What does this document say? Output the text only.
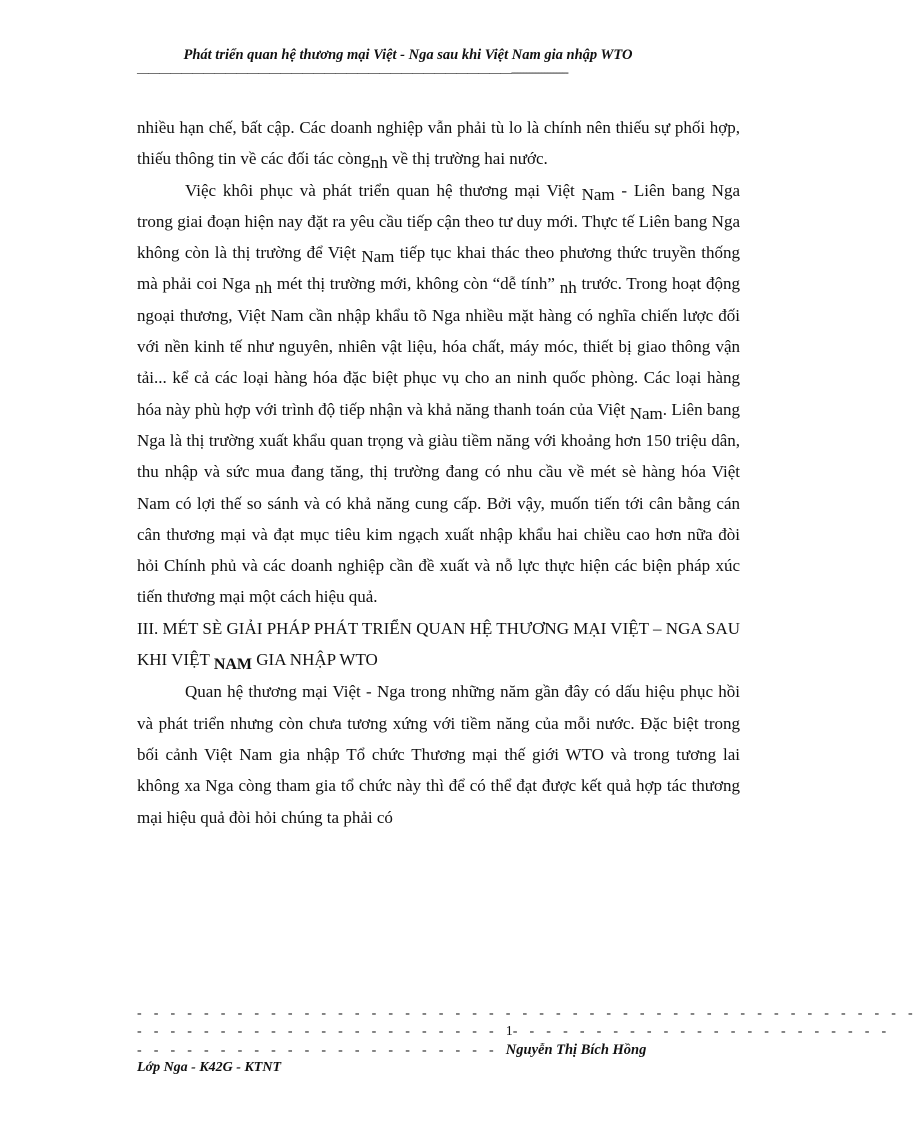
Phát triển quan hệ thương mại Việt - Nga sau khi Việt Nam gia nhập WTO
——————————————————————————————————-------------------

nhiều hạn chế, bất cập. Các doanh nghiệp vẫn phải tù lo là chính nên thiếu sự phối hợp, thiếu thông tin về các đối tác còngnh về thị trường hai nước.

Việc khôi phục và phát triển quan hệ thương mại Việt Nam - Liên bang Nga trong giai đoạn hiện nay đặt ra yêu cầu tiếp cận theo tư duy mới. Thực tế Liên bang Nga không còn là thị trường để Việt Nam tiếp tục khai thác theo phương thức truyền thống mà phải coi Nga nh mét thị trường mới, không còn “dễ tính” nh trước. Trong hoạt động ngoại thương, Việt Nam cần nhập khẩu tõ Nga nhiều mặt hàng có nghĩa chiến lược đối với nền kinh tế như nguyên, nhiên vật liệu, hóa chất, máy móc, thiết bị giao thông vận tải... kể cả các loại hàng hóa đặc biệt phục vụ cho an ninh quốc phòng. Các loại hàng hóa này phù hợp với trình độ tiếp nhận và khả năng thanh toán của Việt Nam. Liên bang Nga là thị trường xuất khẩu quan trọng và giàu tiềm năng với khoảng hơn 150 triệu dân, thu nhập và sức mua đang tăng, thị trường đang có nhu cầu về mét sè hàng hóa Việt Nam có lợi thế so sánh và có khả năng cung cấp. Bởi vậy, muốn tiến tới cân bằng cán cân thương mại và đạt mục tiêu kim ngạch xuất nhập khẩu hai chiều cao hơn nữa đòi hỏi Chính phủ và các doanh nghiệp cần đề xuất và nỗ lực thực hiện các biện pháp xúc tiến thương mại một cách hiệu quả.

III. MÉT SÈ GIẢI PHÁP PHÁT TRIỂN QUAN HỆ THƯƠNG MẠI VIỆT – NGA SAU KHI VIỆT NAM GIA NHẬP WTO

Quan hệ thương mại Việt - Nga trong những năm gần đây có dấu hiệu phục hồi và phát triển nhưng còn chưa tương xứng với tiềm năng của mỗi nước. Đặc biệt trong bối cảnh Việt Nam gia nhập Tổ chức Thương mại thế giới WTO và trong tương lai không xa Nga còng tham gia tổ chức này thì để có thể đạt được kết quả hợp tác thương mại hiệu quả đòi hỏi chúng ta phải có

- - - - - - - - - - - - - - - - - - - - - - - - - - - - - - - - - - - - - - - - - - - - - - -
- - - - - - - - - - - - - - - - - - - - - - 1- - - - - - - - - - - - - - - - - - - - - - -
- - - - - - - - - - - - - - - - - - - - - - Nguyễn Thị Bích Hồng
Lớp Nga - K42G - KTNT
